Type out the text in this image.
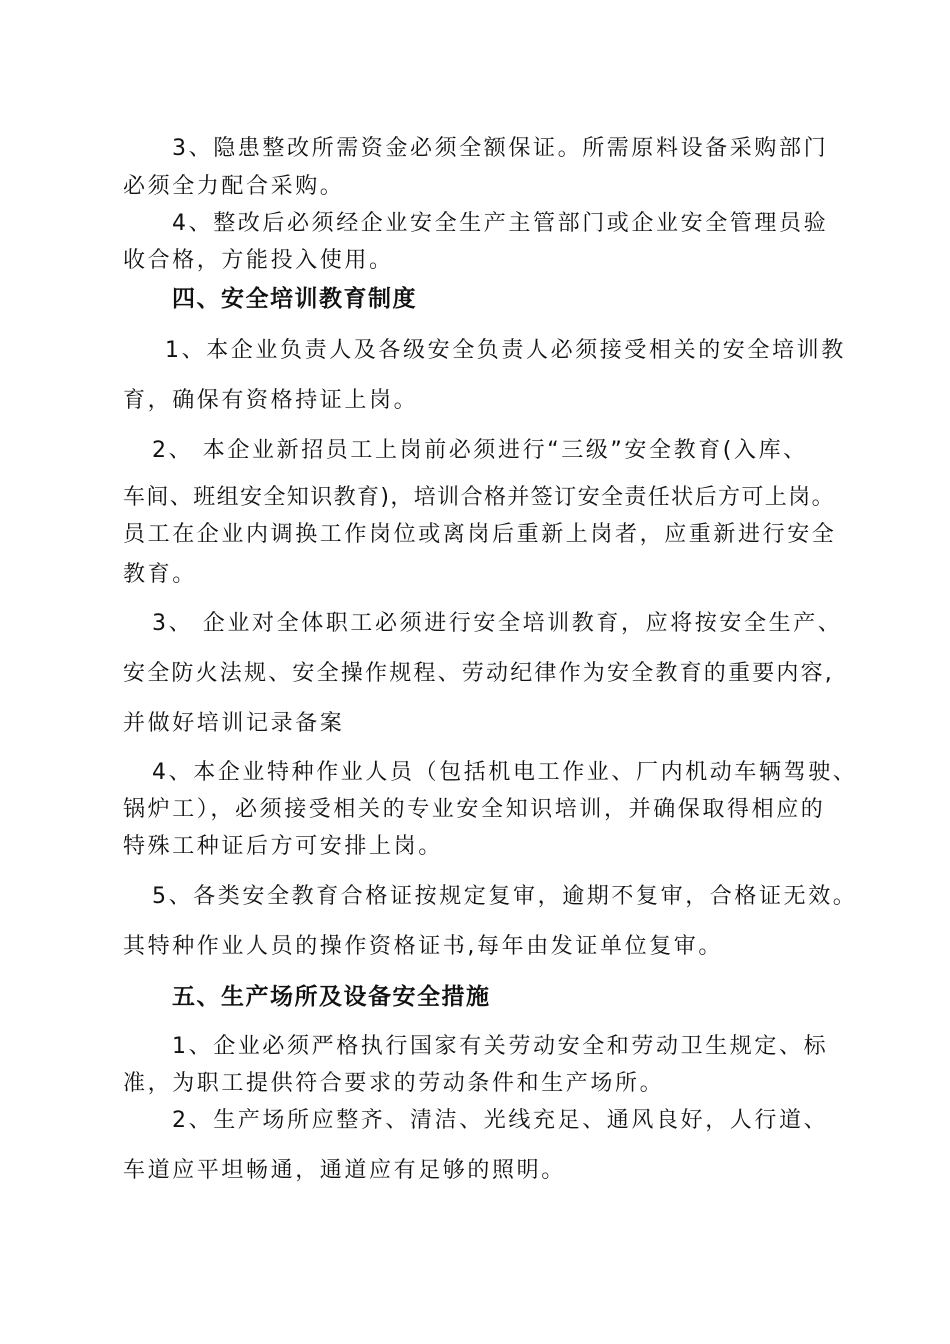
3、隐患整改所需资金必须全额保证。所需原料设备采购部门
必须全力配合采购。
4、整改后必须经企业安全生产主管部门或企业安全管理员验
收合格，方能投入使用。
四、安全培训教育制度
1、本企业负责人及各级安全负责人必须接受相关的安全培训教
育，确保有资格持证上岗。
2、 本企业新招员工上岗前必须进行“三级”安全教育(入库、
车间、班组安全知识教育)，培训合格并签订安全责任状后方可上岗。
员工在企业内调换工作岗位或离岗后重新上岗者，应重新进行安全
教育。
3、 企业对全体职工必须进行安全培训教育，应将按安全生产、
安全防火法规、安全操作规程、劳动纪律作为安全教育的重要内容,
并做好培训记录备案
4、本企业特种作业人员（包括机电工作业、厂内机动车辆驾驶、
锅炉工），必须接受相关的专业安全知识培训，并确保取得相应的
特殊工种证后方可安排上岗。
5、各类安全教育合格证按规定复审，逾期不复审，合格证无效。
其特种作业人员的操作资格证书,每年由发证单位复审。
五、生产场所及设备安全措施
1、企业必须严格执行国家有关劳动安全和劳动卫生规定、标
准，为职工提供符合要求的劳动条件和生产场所。
2、生产场所应整齐、清洁、光线充足、通风良好，人行道、
车道应平坦畅通，通道应有足够的照明。
